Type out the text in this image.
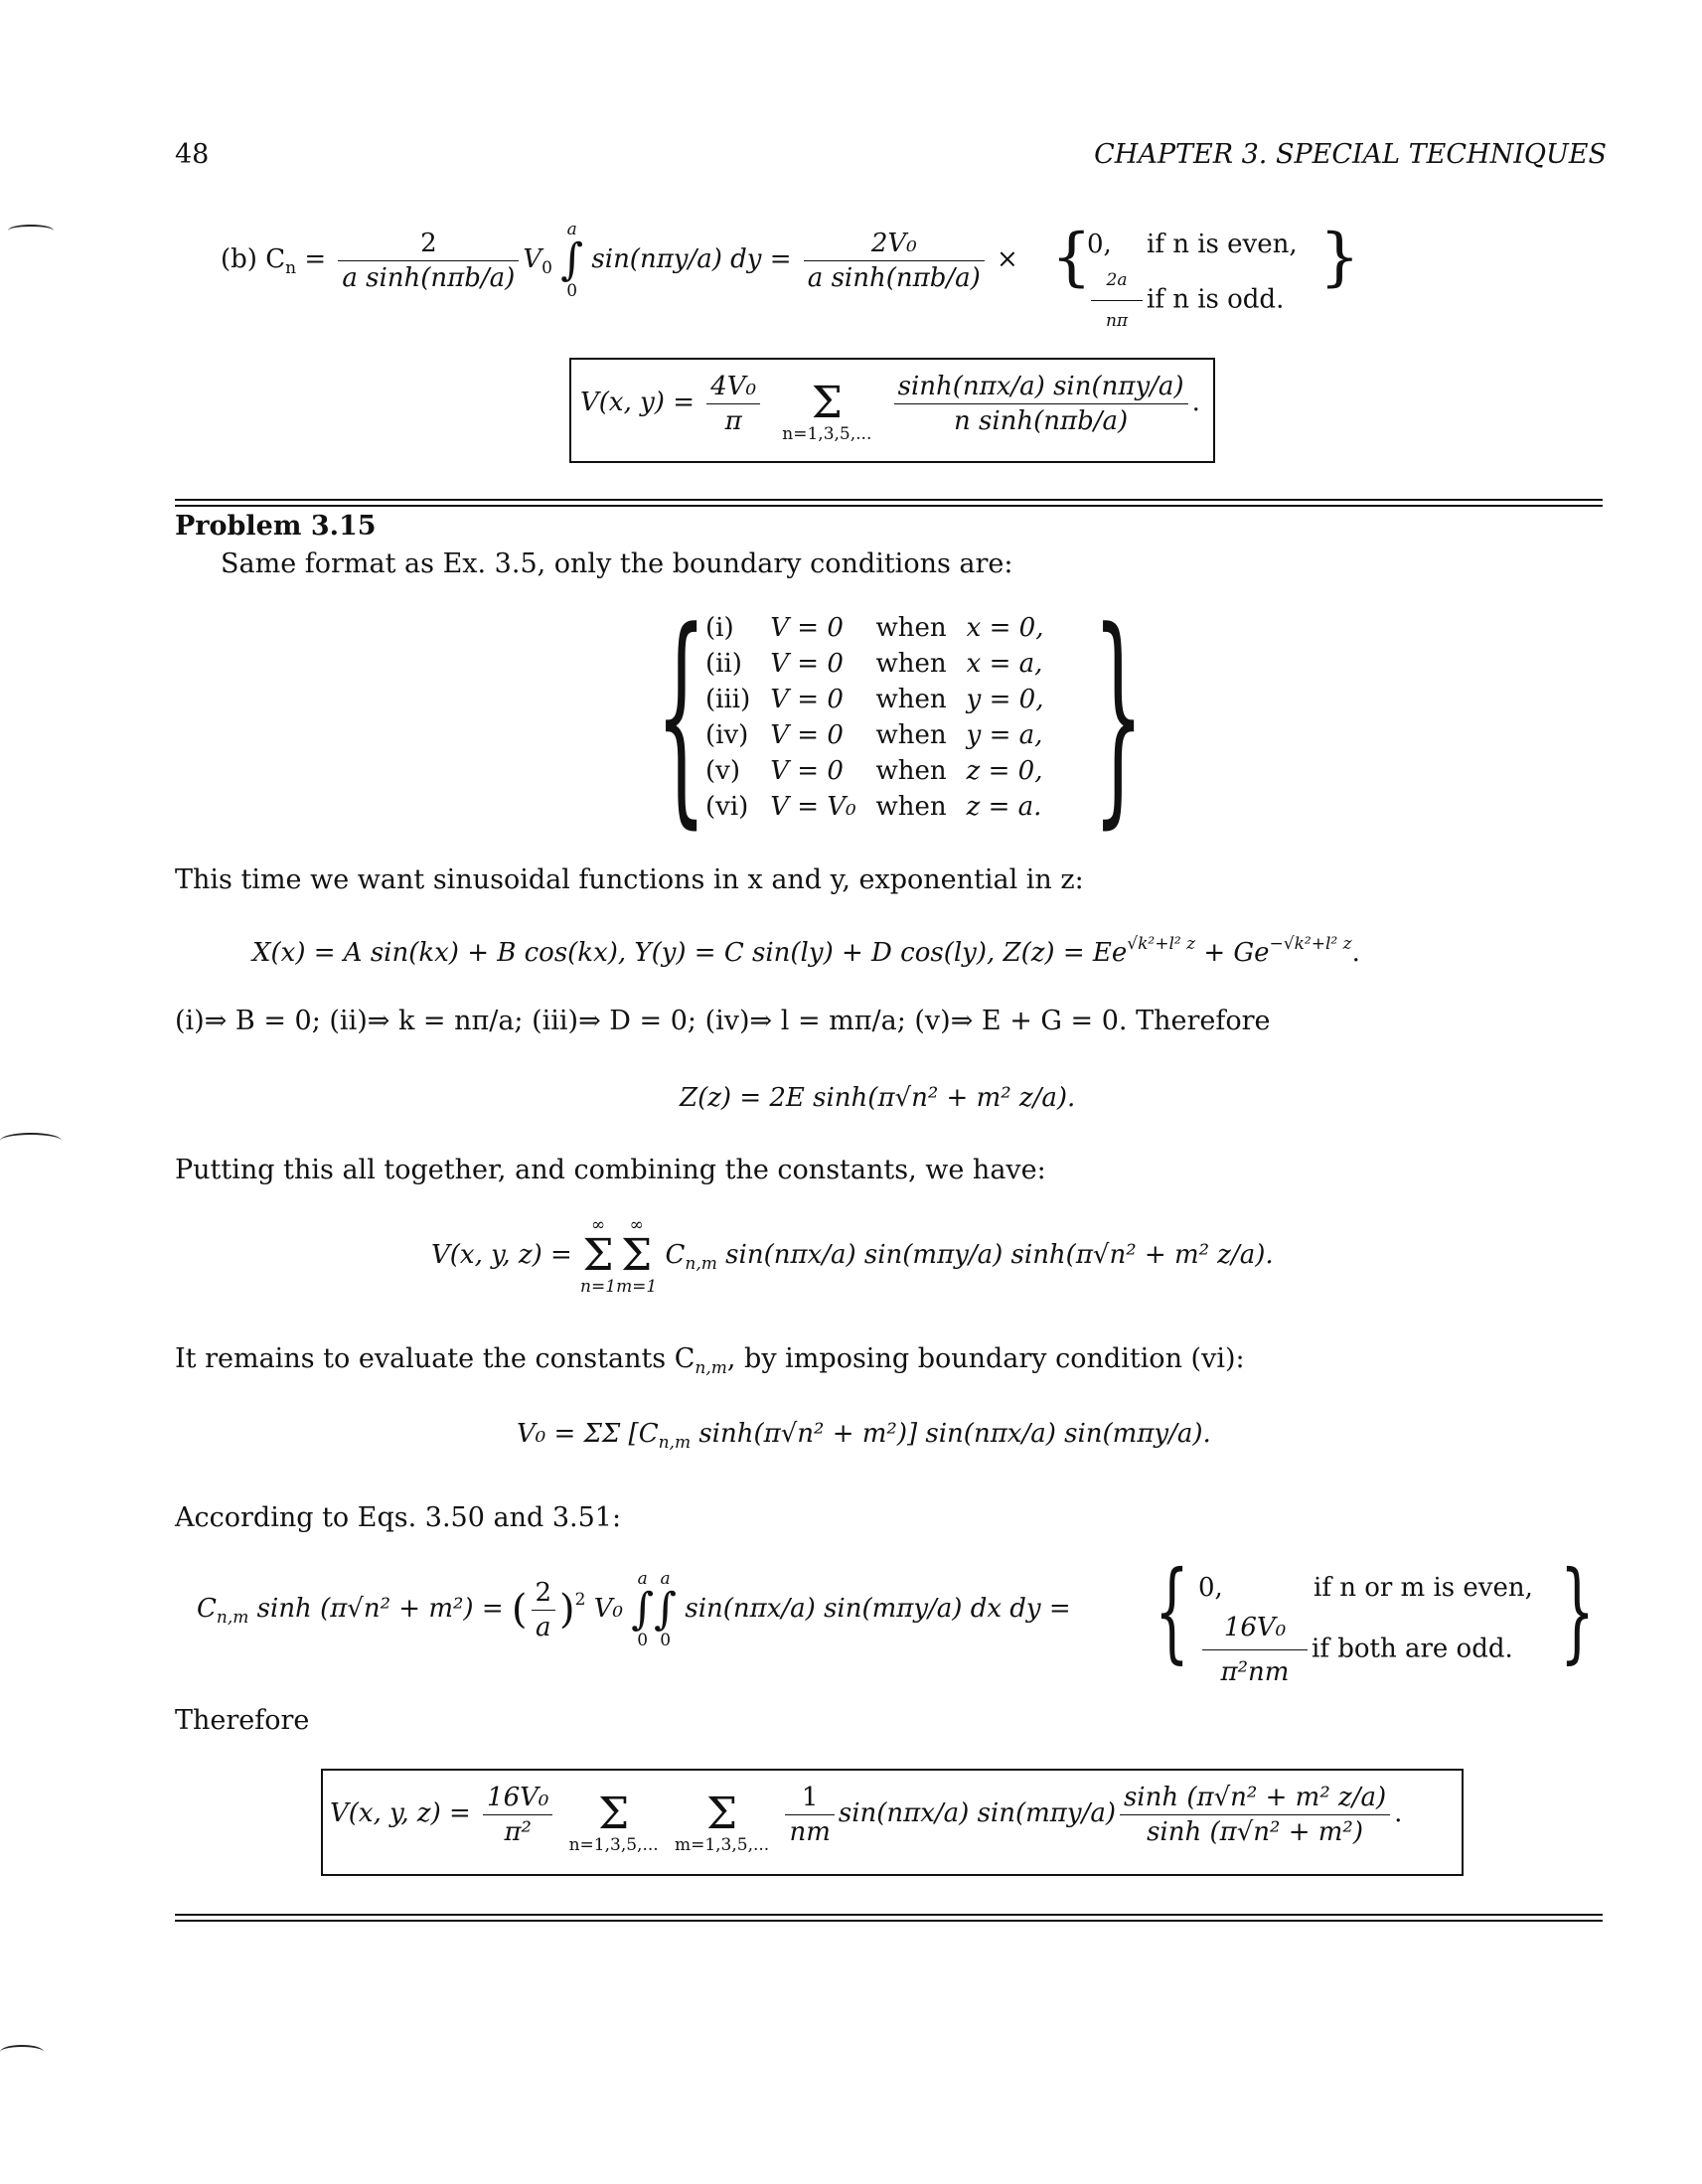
48	CHAPTER 3. SPECIAL TECHNIQUES
(b) $C_n = \frac{2}{\text{a sinh(nπb/a)}} V_0$
a
∫
0
sin(nπy/a) dy = $\frac{\text{2V₀}}{\text{a sinh(nπb/a)}}$ × {
0, if n is even,
$\frac{2a}{n\pi}$ if n is odd.
}
V(x, $y) = \frac{\text{4V₀}}{\pi}$

	Σ
n=1,3,5,...
$\frac{\text{sinh(nπx/a) sin(nπy/a)}}{\text{n sinh(nπb/a)}}$ .
Problem 3.15
Same format as Ex. 3.5, only the boundary conditions are:
{
(i)	V = 0	when	x = 0,
(ii)	V = 0	when	x = a,
(iii)	V = 0	when	y = 0,
(iv)	V = 0	when	y = a,
(v)	V = 0	when	z = 0,
(vi)	V = V₀	when	z = a. }
This time we want sinusoidal functions in x and y, exponential in z:
X(x) = A sin(kx) + B cos(kx), Y(y) = C sin(ly) + D cos(ly), $Z(z) = Ee^{√k^2+l^2 z} + Ge^{-√k^2+l^2 z}$.
(i)⇒ B = 0; (ii)⇒ k = nπ/a; (iii)⇒ D = 0; (iv)⇒ l = mπ/a; (v)⇒ E + G = 0. Therefore
Z(z) = 2E sinh(π√n² + m² z/a).
Putting this all together, and combining the constants, we have:
V(x, y, z) =
∞
Σ
n=1
∞
Σ
m=1
$C_{n,m}$ sin(nπx/a) sin(mπy/a) sinh(π√n² + m² z/a).
It remains to evaluate the constants $C_{n,m}$, by imposing boundary condition (vi):
V₀ = ΣΣ [$C_{n,m}$ sinh(π√n² + m²)] sin(nπx/a) sin(mπy/a).
According to Eqs. 3.50 and 3.51:
$C_{n,m}$ sinh (π√n² + m²) = ( $\frac{2}{a} )^2$ V₀
a
∫
0
a
∫
0
sin(nπx/a) sin(mπy/a) dx dy = { 0,	if n or m is even,
$\frac{\text{16V₀}}{\text{π²nm}}$ if both are odd. }
Therefore
V(x, y, $z) = \frac{\text{16V₀}}{\text{π²}}$

	Σ
n=1,3,5,...

Σ
m=1,3,5,...
$\frac{1}{nm} \sin(n\pi x/a)$ $\sin(m\pi y/a) \frac{\text{sinh (π√n² + m² z/a)}}{\text{sinh (π√n² + m²)}}$ .
